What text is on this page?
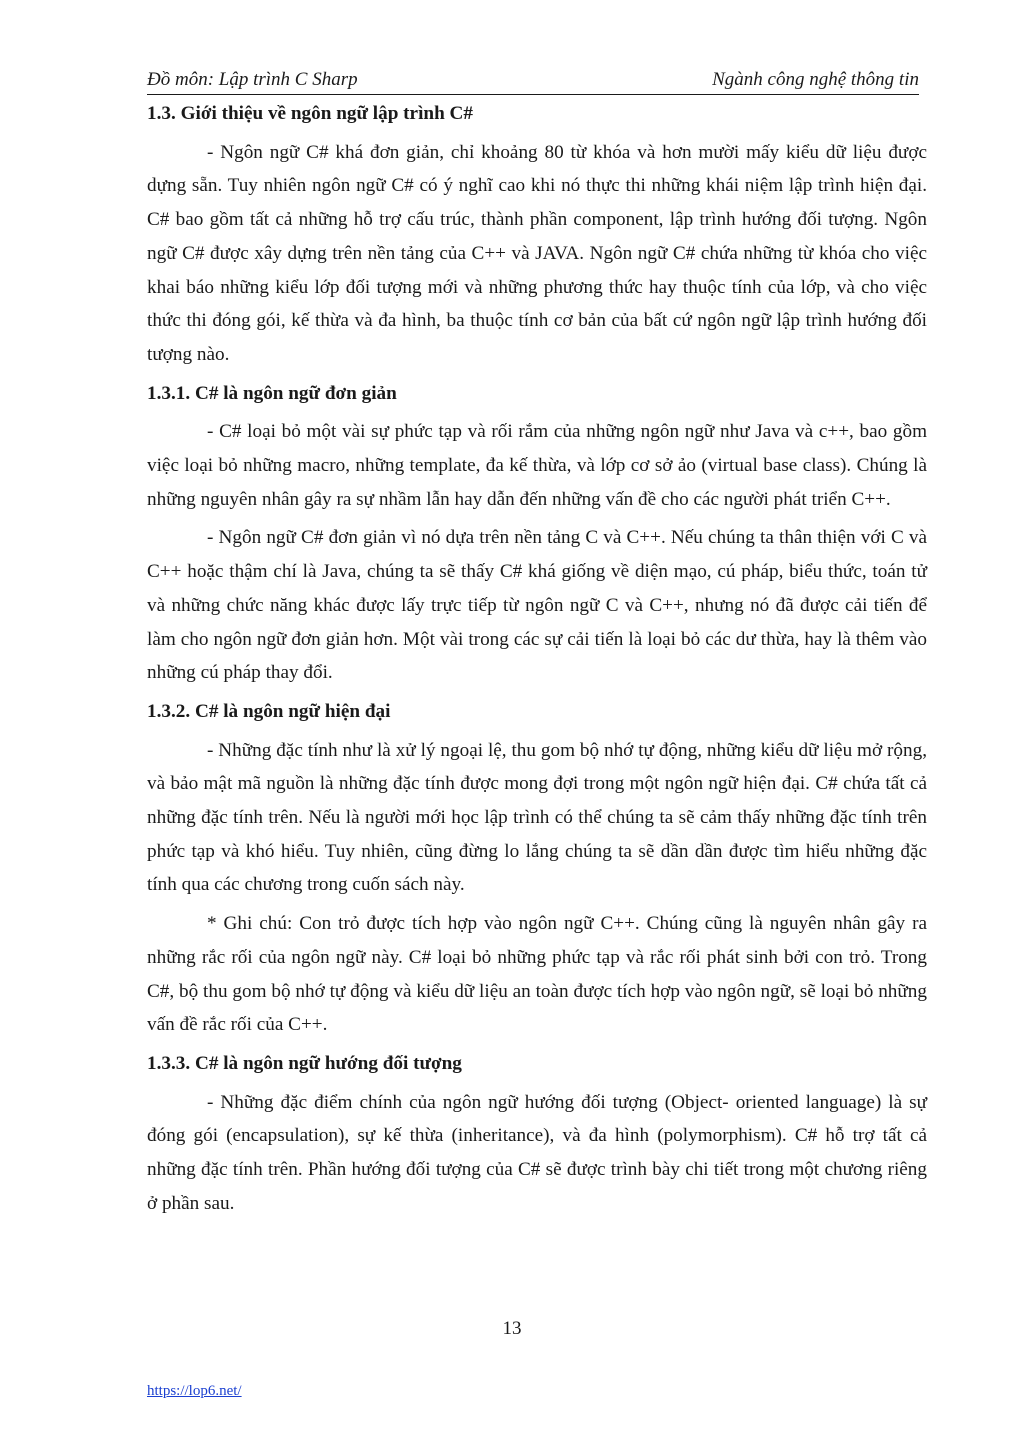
Đồ môn: Lập trình C Sharp	Ngành công nghệ thông tin

1.3. Giới thiệu về ngôn ngữ lập trình C#

- Ngôn ngữ C# khá đơn giản, chỉ khoảng 80 từ khóa và hơn mười mấy kiểu dữ liệu được dựng sẵn. Tuy nhiên ngôn ngữ C# có ý nghĩ cao khi nó thực thi những khái niệm lập trình hiện đại. C# bao gồm tất cả những hỗ trợ cấu trúc, thành phần component, lập trình hướng đối tượng. Ngôn ngữ C# được xây dựng trên nền tảng của C++ và JAVA. Ngôn ngữ C# chứa những từ khóa cho việc khai báo những kiểu lớp đối tượng mới và những phương thức hay thuộc tính của lớp, và cho việc thức thi đóng gói, kế thừa và đa hình, ba thuộc tính cơ bản của bất cứ ngôn ngữ lập trình hướng đối tượng nào.

1.3.1. C# là ngôn ngữ đơn giản

- C# loại bỏ một vài sự phức tạp và rối rắm của những ngôn ngữ như Java và c++, bao gồm việc loại bỏ những macro, những template, đa kế thừa, và lớp cơ sở ảo (virtual base class). Chúng là những nguyên nhân gây ra sự nhầm lẫn hay dẫn đến những vấn đề cho các người phát triển C++.

- Ngôn ngữ C# đơn giản vì nó dựa trên nền tảng C và C++. Nếu chúng ta thân thiện với C và C++ hoặc thậm chí là Java, chúng ta sẽ thấy C# khá giống về diện mạo, cú pháp, biểu thức, toán tử và những chức năng khác được lấy trực tiếp từ ngôn ngữ C và C++, nhưng nó đã được cải tiến để làm cho ngôn ngữ đơn giản hơn. Một vài trong các sự cải tiến là loại bỏ các dư thừa, hay là thêm vào những cú pháp thay đổi.

1.3.2. C# là ngôn ngữ hiện đại

- Những đặc tính như là xử lý ngoại lệ, thu gom bộ nhớ tự động, những kiểu dữ liệu mở rộng, và bảo mật mã nguồn là những đặc tính được mong đợi trong một ngôn ngữ hiện đại. C# chứa tất cả những đặc tính trên. Nếu là người mới học lập trình có thể chúng ta sẽ cảm thấy những đặc tính trên phức tạp và khó hiểu. Tuy nhiên, cũng đừng lo lắng chúng ta sẽ dần dần được tìm hiểu những đặc tính qua các chương trong cuốn sách này.

* Ghi chú: Con trỏ được tích hợp vào ngôn ngữ C++. Chúng cũng là nguyên nhân gây ra những rắc rối của ngôn ngữ này. C# loại bỏ những phức tạp và rắc rối phát sinh bởi con trỏ. Trong C#, bộ thu gom bộ nhớ tự động và kiểu dữ liệu an toàn được tích hợp vào ngôn ngữ, sẽ loại bỏ những vấn đề rắc rối của C++.

1.3.3. C# là ngôn ngữ hướng đối tượng

- Những đặc điểm chính của ngôn ngữ hướng đối tượng (Object- oriented language) là sự đóng gói (encapsulation), sự kế thừa (inheritance), và đa hình (polymorphism). C# hỗ trợ tất cả những đặc tính trên. Phần hướng đối tượng của C# sẽ được trình bày chi tiết trong một chương riêng ở phần sau.

13
https://lop6.net/
